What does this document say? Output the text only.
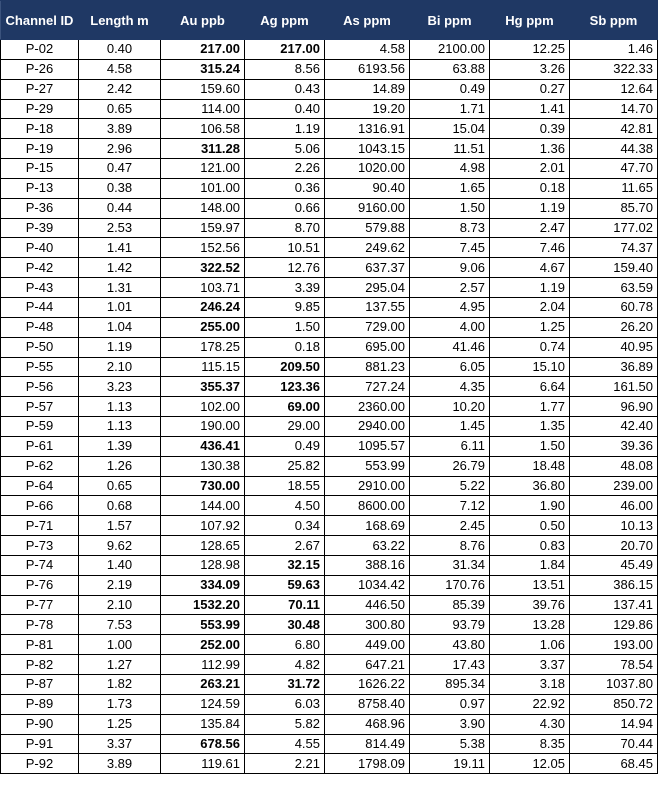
Channel ID	Length m	Au ppb	Ag ppm	As ppm	Bi ppm	Hg ppm	Sb ppm
P-02	0.40	217.00	217.00	4.58	2100.00	12.25	1.46
P-26	4.58	315.24	8.56	6193.56	63.88	3.26	322.33
P-27	2.42	159.60	0.43	14.89	0.49	0.27	12.64
P-29	0.65	114.00	0.40	19.20	1.71	1.41	14.70
P-18	3.89	106.58	1.19	1316.91	15.04	0.39	42.81
P-19	2.96	311.28	5.06	1043.15	11.51	1.36	44.38
P-15	0.47	121.00	2.26	1020.00	4.98	2.01	47.70
P-13	0.38	101.00	0.36	90.40	1.65	0.18	11.65
P-36	0.44	148.00	0.66	9160.00	1.50	1.19	85.70
P-39	2.53	159.97	8.70	579.88	8.73	2.47	177.02
P-40	1.41	152.56	10.51	249.62	7.45	7.46	74.37
P-42	1.42	322.52	12.76	637.37	9.06	4.67	159.40
P-43	1.31	103.71	3.39	295.04	2.57	1.19	63.59
P-44	1.01	246.24	9.85	137.55	4.95	2.04	60.78
P-48	1.04	255.00	1.50	729.00	4.00	1.25	26.20
P-50	1.19	178.25	0.18	695.00	41.46	0.74	40.95
P-55	2.10	115.15	209.50	881.23	6.05	15.10	36.89
P-56	3.23	355.37	123.36	727.24	4.35	6.64	161.50
P-57	1.13	102.00	69.00	2360.00	10.20	1.77	96.90
P-59	1.13	190.00	29.00	2940.00	1.45	1.35	42.40
P-61	1.39	436.41	0.49	1095.57	6.11	1.50	39.36
P-62	1.26	130.38	25.82	553.99	26.79	18.48	48.08
P-64	0.65	730.00	18.55	2910.00	5.22	36.80	239.00
P-66	0.68	144.00	4.50	8600.00	7.12	1.90	46.00
P-71	1.57	107.92	0.34	168.69	2.45	0.50	10.13
P-73	9.62	128.65	2.67	63.22	8.76	0.83	20.70
P-74	1.40	128.98	32.15	388.16	31.34	1.84	45.49
P-76	2.19	334.09	59.63	1034.42	170.76	13.51	386.15
P-77	2.10	1532.20	70.11	446.50	85.39	39.76	137.41
P-78	7.53	553.99	30.48	300.80	93.79	13.28	129.86
P-81	1.00	252.00	6.80	449.00	43.80	1.06	193.00
P-82	1.27	112.99	4.82	647.21	17.43	3.37	78.54
P-87	1.82	263.21	31.72	1626.22	895.34	3.18	1037.80
P-89	1.73	124.59	6.03	8758.40	0.97	22.92	850.72
P-90	1.25	135.84	5.82	468.96	3.90	4.30	14.94
P-91	3.37	678.56	4.55	814.49	5.38	8.35	70.44
P-92	3.89	119.61	2.21	1798.09	19.11	12.05	68.45
